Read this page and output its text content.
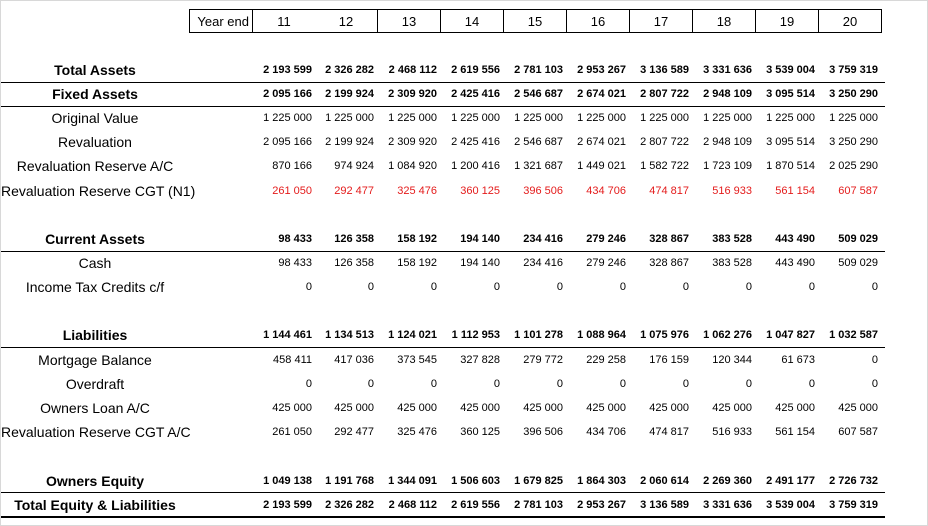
Year end	11	12	13	14	15	16	17	18	19	20
Total Assets	2 193 599	2 326 282	2 468 112	2 619 556	2 781 103	2 953 267	3 136 589	3 331 636	3 539 004	3 759 319
Fixed Assets	2 095 166	2 199 924	2 309 920	2 425 416	2 546 687	2 674 021	2 807 722	2 948 109	3 095 514	3 250 290
Original Value	1 225 000	1 225 000	1 225 000	1 225 000	1 225 000	1 225 000	1 225 000	1 225 000	1 225 000	1 225 000
Revaluation	2 095 166	2 199 924	2 309 920	2 425 416	2 546 687	2 674 021	2 807 722	2 948 109	3 095 514	3 250 290
Revaluation Reserve A/C	870 166	974 924	1 084 920	1 200 416	1 321 687	1 449 021	1 582 722	1 723 109	1 870 514	2 025 290
Revaluation Reserve CGT (N1)	261 050	292 477	325 476	360 125	396 506	434 706	474 817	516 933	561 154	607 587
Current Assets	98 433	126 358	158 192	194 140	234 416	279 246	328 867	383 528	443 490	509 029
Cash	98 433	126 358	158 192	194 140	234 416	279 246	328 867	383 528	443 490	509 029
Income Tax Credits c/f	0	0	0	0	0	0	0	0	0	0
Liabilities	1 144 461	1 134 513	1 124 021	1 112 953	1 101 278	1 088 964	1 075 976	1 062 276	1 047 827	1 032 587
Mortgage Balance	458 411	417 036	373 545	327 828	279 772	229 258	176 159	120 344	61 673	0
Overdraft	0	0	0	0	0	0	0	0	0	0
Owners Loan A/C	425 000	425 000	425 000	425 000	425 000	425 000	425 000	425 000	425 000	425 000
Revaluation Reserve CGT A/C	261 050	292 477	325 476	360 125	396 506	434 706	474 817	516 933	561 154	607 587
Owners Equity	1 049 138	1 191 768	1 344 091	1 506 603	1 679 825	1 864 303	2 060 614	2 269 360	2 491 177	2 726 732
Total Equity & Liabilities	2 193 599	2 326 282	2 468 112	2 619 556	2 781 103	2 953 267	3 136 589	3 331 636	3 539 004	3 759 319
